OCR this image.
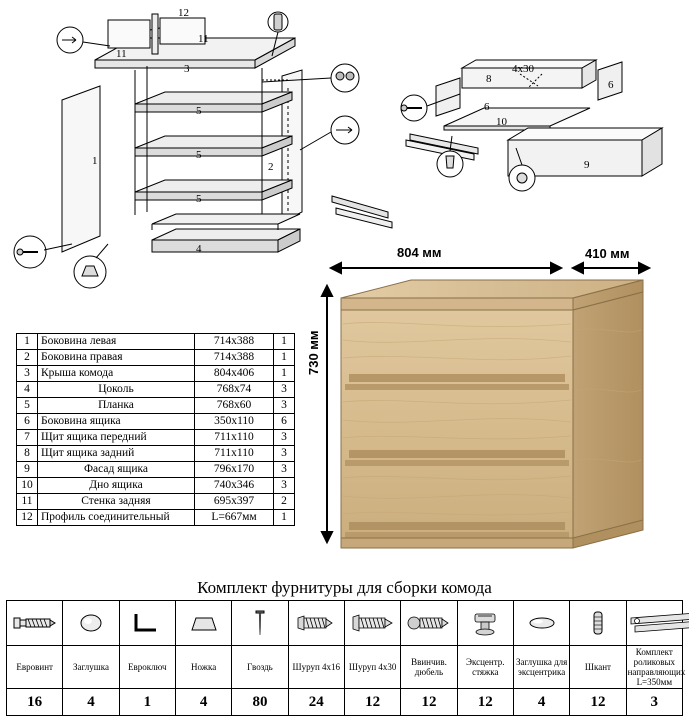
12
11
11
3
5
5
5
1	2
4
8
4х30
6
6
10
9
1	Боковина левая	714х388	1
2	Боковина правая	714х388	1
3	Крыша комода	804х406	1
4	Цоколь	768х74	3
5	Планка	768х60	3
6	Боковина ящика	350х110	6
7	Щит ящика передний	711х110	3
8	Щит ящика задний	711х110	3
9	Фасад ящика	796х170	3
10	Дно ящика	740х346	3
11	Стенка задняя	695х397	2
12	Профиль соединительный	L=667мм	1
804 мм	410 мм
730 мм
Комплект фурнитуры для сборки комода

Евровинт	Заглушка	Евроключ	Ножка	Гвоздь	Шуруп 4х16	Шуруп 4х30	Ввинчив. дюбель	Эксцентр. стяжка	Заглушка для эксцентрика	Шкант	Комплект роликовых направляющих L=350мм
16	4	1	4	80	24	12	12	12	4	12	3
